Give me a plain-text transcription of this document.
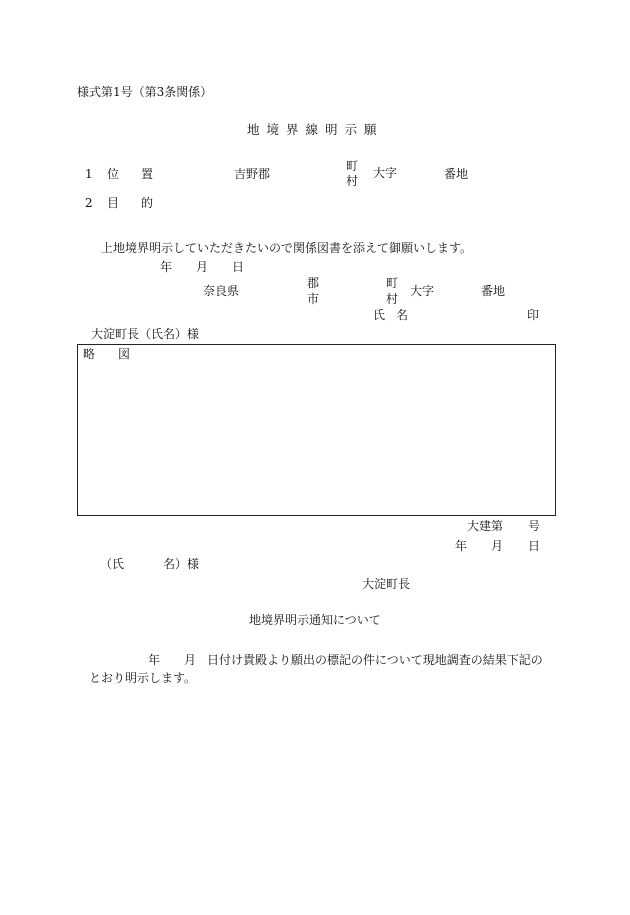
様式第1号（第3条関係）
地境界線明示願
1 位 置	吉野郡
町
村
大字	番地
2 目 的
上地境界明示していただきたいので関係図書を添えて御願いします。
年 月 日
奈良県
郡
市
町
村
大字	番地
氏 名	印
大淀町長（氏名）様
略 図
大建第 号
年 月 日
（氏	名）様
大淀町長
地境界明示通知について
年 月 日付け貴殿より願出の標記の件について現地調査の結果下記の
とおり明示します。
